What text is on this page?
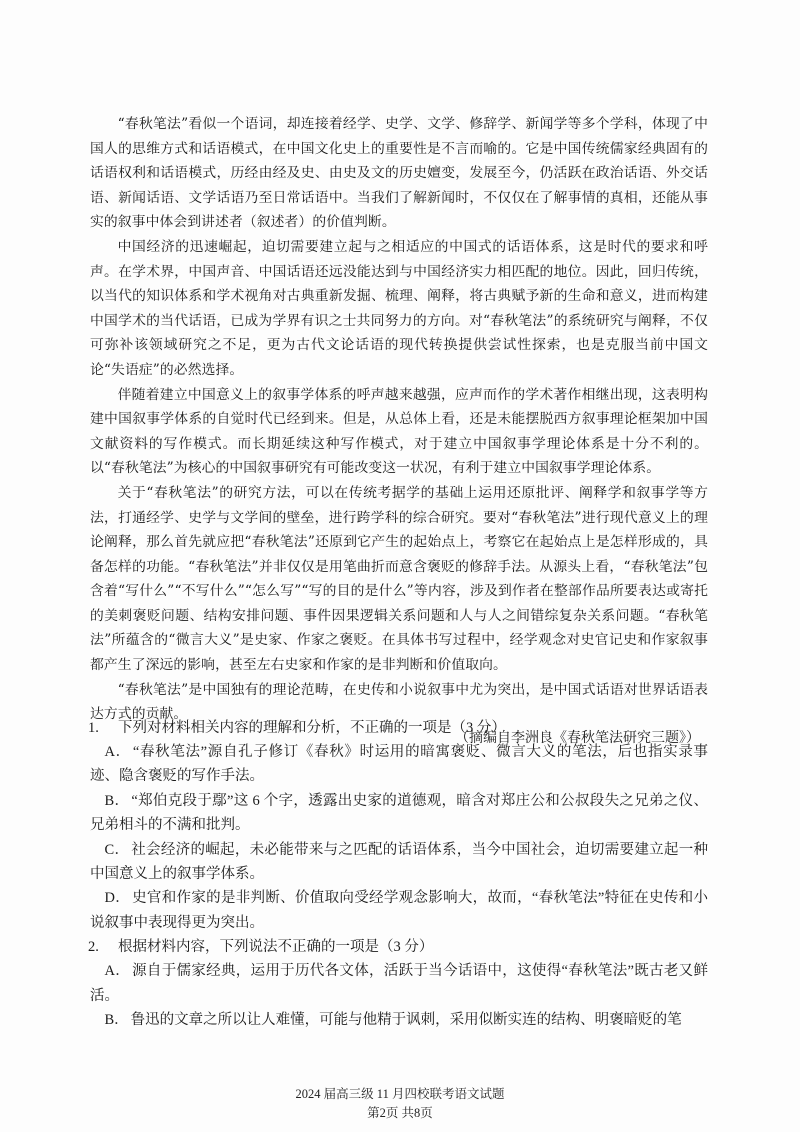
“春秋笔法”看似一个语词，却连接着经学、史学、文学、修辞学、新闻学等多个学科，体现了中国人的思维方式和话语模式，在中国文化史上的重要性是不言而喻的。它是中国传统儒家经典固有的话语权利和话语模式，历经由经及史、由史及文的历史嬗变，发展至今，仍活跃在政治话语、外交话语、新闻话语、文学话语乃至日常话语中。当我们了解新闻时，不仅仅在了解事情的真相，还能从事实的叙事中体会到讲述者（叙述者）的价值判断。

中国经济的迅速崛起，迫切需要建立起与之相适应的中国式的话语体系，这是时代的要求和呼声。在学术界，中国声音、中国话语还远没能达到与中国经济实力相匹配的地位。因此，回归传统，以当代的知识体系和学术视角对古典重新发掘、梳理、阐释，将古典赋予新的生命和意义，进而构建中国学术的当代话语，已成为学界有识之士共同努力的方向。对“春秋笔法”的系统研究与阐释，不仅可弥补该领域研究之不足，更为古代文论话语的现代转换提供尝试性探索，也是克服当前中国文论“失语症”的必然选择。

伴随着建立中国意义上的叙事学体系的呼声越来越强，应声而作的学术著作相继出现，这表明构建中国叙事学体系的自觉时代已经到来。但是，从总体上看，还是未能摆脱西方叙事理论框架加中国文献资料的写作模式。而长期延续这种写作模式，对于建立中国叙事学理论体系是十分不利的。以“春秋笔法”为核心的中国叙事研究有可能改变这一状况，有利于建立中国叙事学理论体系。

关于“春秋笔法”的研究方法，可以在传统考据学的基础上运用还原批评、阐释学和叙事学等方法，打通经学、史学与文学间的壁垒，进行跨学科的综合研究。要对“春秋笔法”进行现代意义上的理论阐释，那么首先就应把“春秋笔法”还原到它产生的起始点上，考察它在起始点上是怎样形成的，具备怎样的功能。“春秋笔法”并非仅仅是用笔曲折而意含褒贬的修辞手法。从源头上看，“春秋笔法”包含着“写什么”“不写什么”“怎么写”“写的目的是什么”等内容，涉及到作者在整部作品所要表达或寄托的美刺褒贬问题、结构安排问题、事件因果逻辑关系问题和人与人之间错综复杂关系问题。“春秋笔法”所蕴含的“微言大义”是史家、作家之褒贬。在具体书写过程中，经学观念对史官记史和作家叙事都产生了深远的影响，甚至左右史家和作家的是非判断和价值取向。

“春秋笔法”是中国独有的理论范畴，在史传和小说叙事中尤为突出，是中国式话语对世界话语表达方式的贡献。

（摘编自李洲良《春秋笔法研究三题》）

1.	下列对材料相关内容的理解和分析，不正确的一项是（3 分）

A． “春秋笔法”源自孔子修订《春秋》时运用的暗寓褒贬、微言大义的笔法，后也指实录事迹、隐含褒贬的写作手法。

B． “郑伯克段于鄢”这 6 个字，透露出史家的道德观，暗含对郑庄公和公叔段失之兄弟之仪、兄弟相斗的不满和批判。

C． 社会经济的崛起，未必能带来与之匹配的话语体系，当今中国社会，迫切需要建立起一种中国意义上的叙事学体系。

D． 史官和作家的是非判断、价值取向受经学观念影响大，故而，“春秋笔法”特征在史传和小说叙事中表现得更为突出。

2.	根据材料内容，下列说法不正确的一项是（3 分）

A． 源自于儒家经典，运用于历代各文体，活跃于当今话语中，这使得“春秋笔法”既古老又鲜活。

B． 鲁迅的文章之所以让人难懂，可能与他精于讽刺，采用似断实连的结构、明褒暗贬的笔

2024 届高三级 11 月四校联考语文试题
第2页 共8页
